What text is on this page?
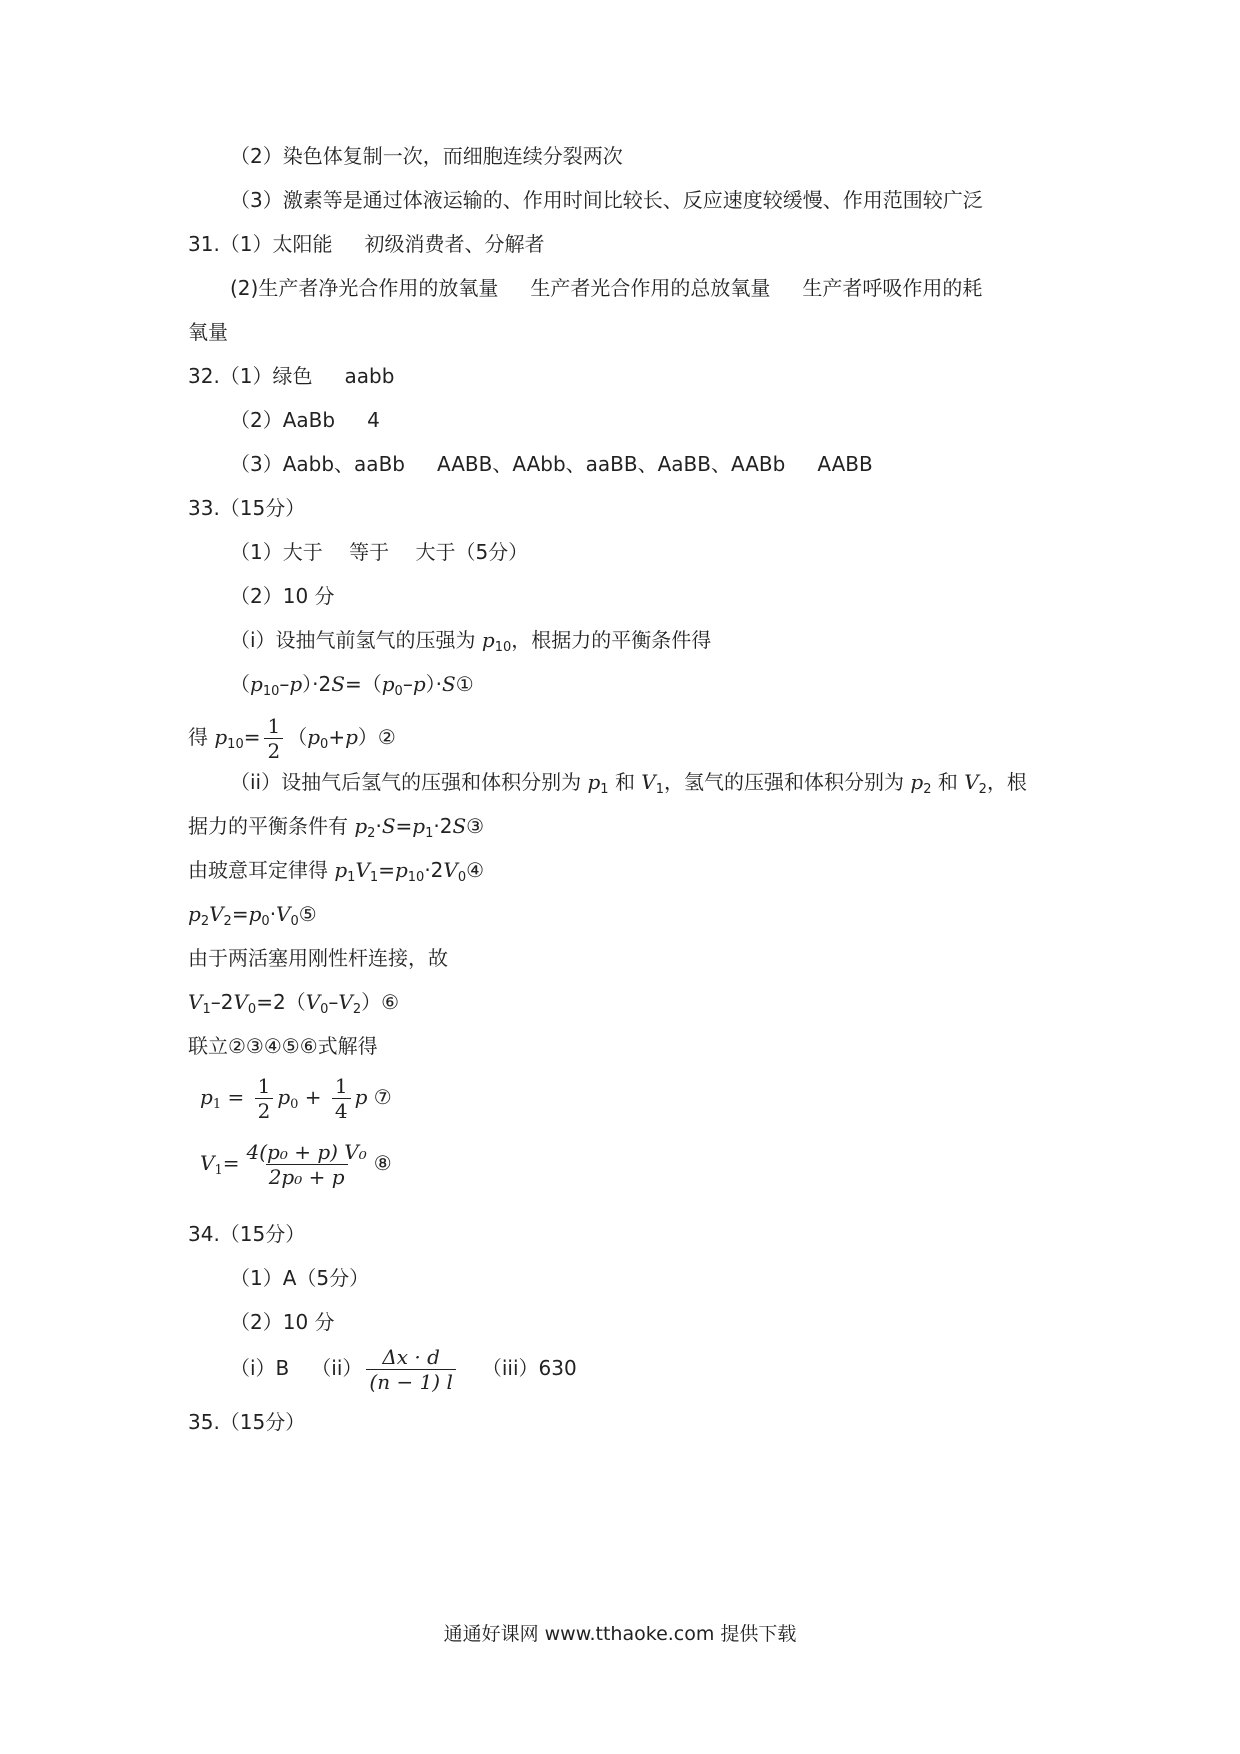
（2）染色体复制一次，而细胞连续分裂两次
（3）激素等是通过体液运输的、作用时间比较长、反应速度较缓慢、作用范围较广泛
31.（1）太阳能 初级消费者、分解者
(2)生产者净光合作用的放氧量 生产者光合作用的总放氧量 生产者呼吸作用的耗
氧量
32.（1）绿色 aabb
（2）AaBb 4
（3）Aabb、aaBb AABB、AAbb、aaBB、AaBB、AABb AABB
33.（15分）
（1）大于　 等于　 大于（5分）
（2）10 分
（i）设抽气前氢气的压强为 $p_{10}$，根据力的平衡条件得
$(p_{10}-p)\cdot 2S=(p_0-p)\cdot S①$
得 $p_{10}= \frac{1}{2}$ $(p_0+p)②$
（ii）设抽气后氢气的压强和体积分别为 $p_1$ 和 $V_1$，氢气的压强和体积分别为 $p_2$ 和 $V_2$，根
据力的平衡条件有 $p_2\cdot S=p_1\cdot 2S③$
由玻意耳定律得 $p_1V_1=p_{10}\cdot 2V_0④$
$p_2V_2=p_0\cdot V_0⑤$
由于两活塞用刚性杆连接，故
$V_1-2V_0=2(V_0-V_2)⑥$
联立②③④⑤⑥式解得
$p_1 = \frac{1}{2} p_0 + \frac{1}{4}$ p ⑦
$V_1= \frac{\text{4(p₀ + p) V₀}}{\text{2p₀ + p}}$ ⑧
34.（15分）
（1）A（5分）
（2）10 分
（i）B $(ii) \frac{\Delta x \cdot d}{(n - 1) l} (iii)630$
35.（15分）
通通好课网 www.tthaoke.com 提供下载
